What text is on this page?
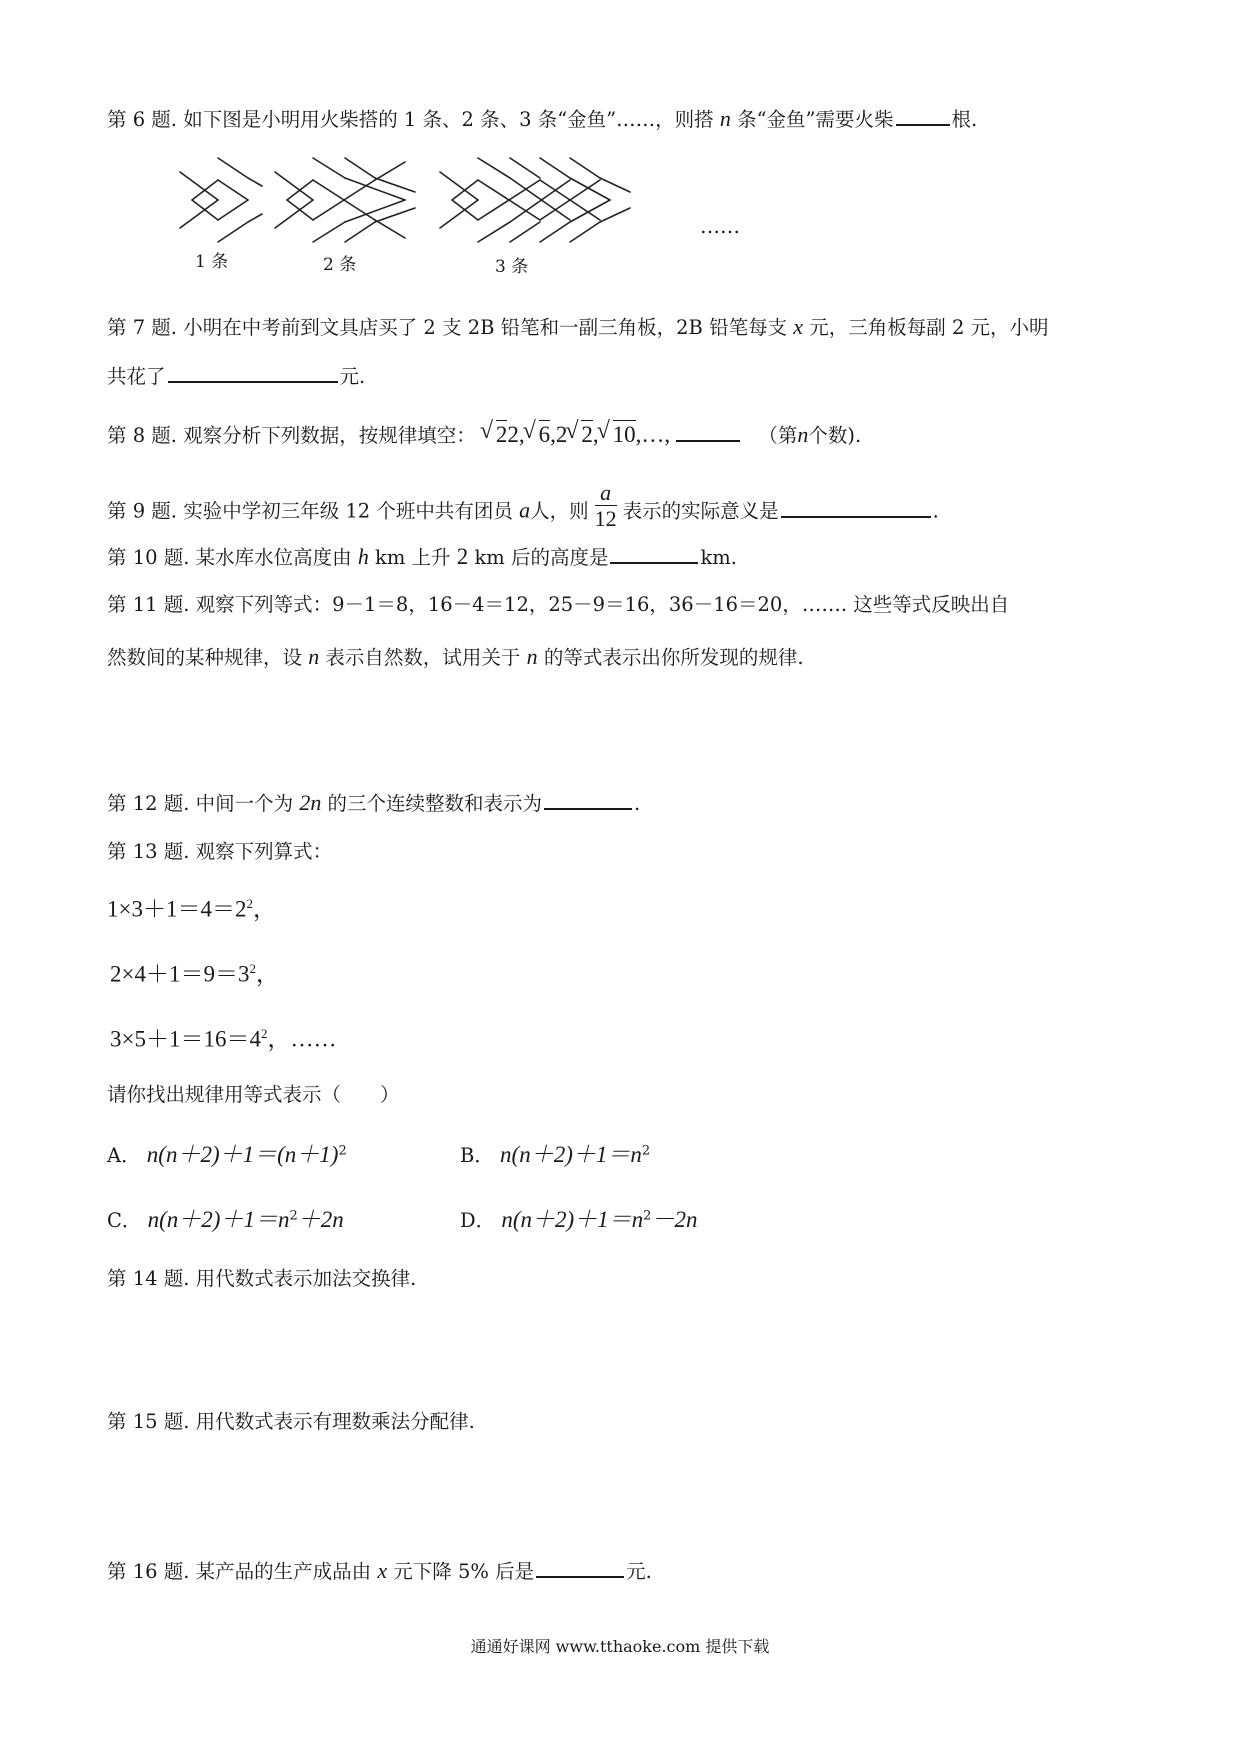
第 6 题. 如下图是小明用火柴搭的 1 条、2 条、3 条“金鱼”……，则搭 n 条“金鱼”需要火柴	根.
1 条	2 条	3 条
……
第 7 题. 小明在中考前到文具店买了 2 支 2B 铅笔和一副三角板，2B 铅笔每支 x 元，三角板每副 2 元，小明
共花了	元.
第 8 题. 观察分析下列数据，按规律填空： √ 22, √ 6,2 √ 2, √ 10,…,	（第n个数).
第 9 题. 实验中学初三年级 12 个班中共有团员 a人，则 $\frac{a}{12}$ 表示的实际意义是	.
第 10 题. 某水库水位高度由 h km 上升 2 km 后的高度是	km.
第 11 题. 观察下列等式：9－1＝8，16－4＝12，25－9＝16，36－16＝20，……. 这些等式反映出自
然数间的某种规律，设 n 表示自然数，试用关于 n 的等式表示出你所发现的规律.
第 12 题. 中间一个为 2n 的三个连续整数和表示为	.
第 13 题. 观察下列算式：
$1\times 3+1=4=2^2$，
$2\times 4+1=9=3^2$，
$3\times 5+1=16=4^2$，……
请你找出规律用等式表示（　　）
A． $n(n+2)+1=(n+1)^2$	B． $n(n+2)+1=n^2$
C． $n(n+2)+1=n^2+2n$	D． $n(n+2)+1=n^2-2n$
第 14 题. 用代数式表示加法交换律.
第 15 题. 用代数式表示有理数乘法分配律.
第 16 题. 某产品的生产成品由 x 元下降 5% 后是	元.
通通好课网 www.tthaoke.com 提供下载
